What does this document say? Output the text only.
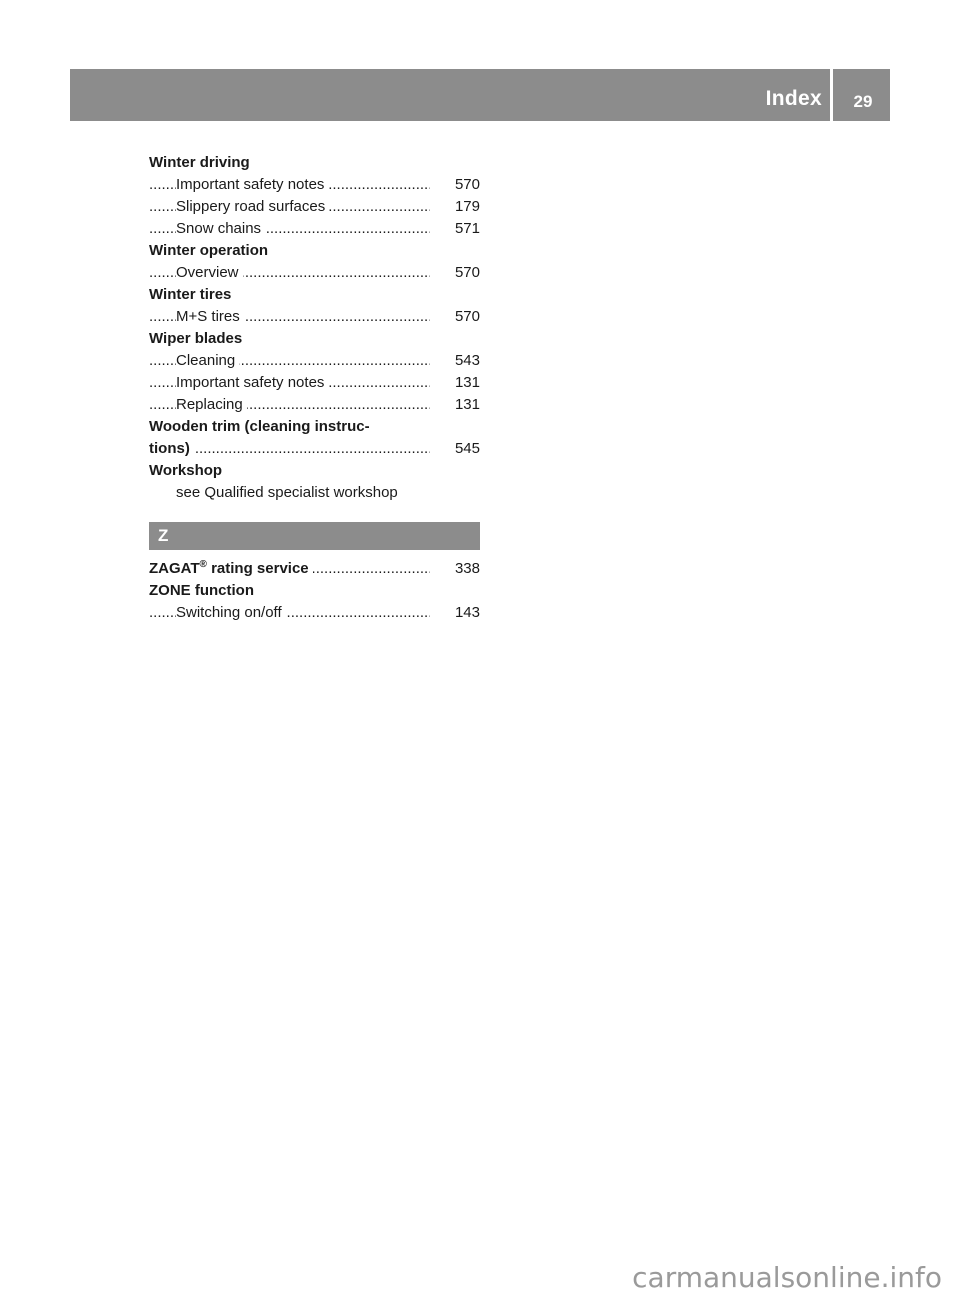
Index	29
Winter driving
.....
Important safety notes	570
.....
Slippery road surfaces	179
.....
Snow chains	571
Winter operation
.....
Overview	570
Winter tires
.....
M+S tires	570
Wiper blades
.....
Cleaning	543
.....
Important safety notes	131
.....
Replacing	131
Wooden trim (cleaning instruc-
.....
tions)	545
Workshop
see Qualified specialist workshop
Z
.....
ZAGAT® rating service	338
ZONE function
.....
Switching on/off	143
carmanualsonline.info
